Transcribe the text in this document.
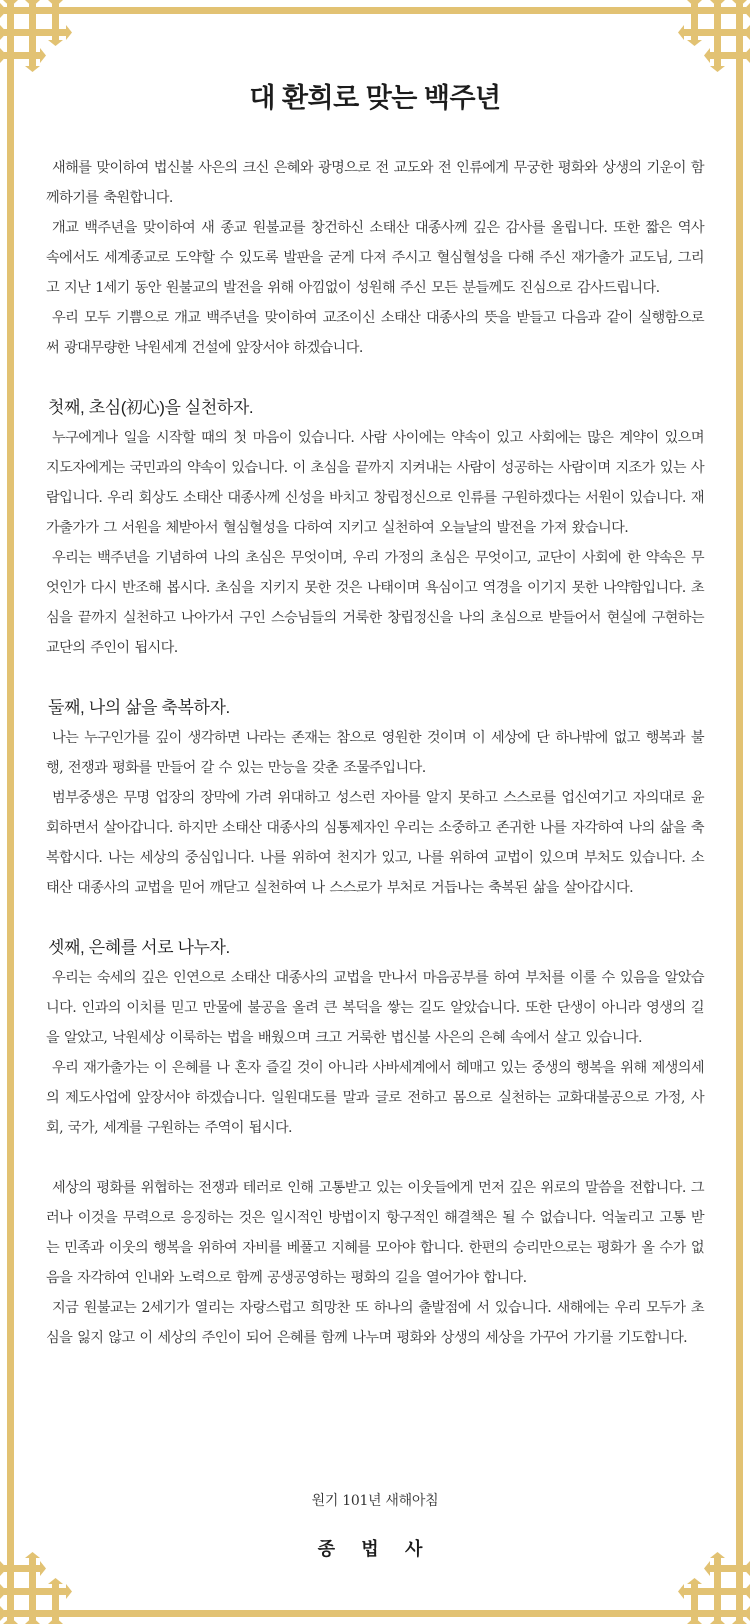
대 환희로 맞는 백주년

새해를 맞이하여 법신불 사은의 크신 은혜와 광명으로 전 교도와 전 인류에게 무궁한 평화와 상생의 기운이 함께하기를 축원합니다.

개교 백주년을 맞이하여 새 종교 원불교를 창건하신 소태산 대종사께 깊은 감사를 올립니다. 또한 짧은 역사 속에서도 세계종교로 도약할 수 있도록 발판을 굳게 다져 주시고 혈심혈성을 다해 주신 재가출가 교도님, 그리고 지난 1세기 동안 원불교의 발전을 위해 아낌없이 성원해 주신 모든 분들께도 진심으로 감사드립니다.

우리 모두 기쁨으로 개교 백주년을 맞이하여 교조이신 소태산 대종사의 뜻을 받들고 다음과 같이 실행함으로써 광대무량한 낙원세계 건설에 앞장서야 하겠습니다.

첫째, 초심(初心)을 실천하자.

누구에게나 일을 시작할 때의 첫 마음이 있습니다. 사람 사이에는 약속이 있고 사회에는 많은 계약이 있으며 지도자에게는 국민과의 약속이 있습니다. 이 초심을 끝까지 지켜내는 사람이 성공하는 사람이며 지조가 있는 사람입니다. 우리 회상도 소태산 대종사께 신성을 바치고 창립정신으로 인류를 구원하겠다는 서원이 있습니다. 재가출가가 그 서원을 체받아서 혈심혈성을 다하여 지키고 실천하여 오늘날의 발전을 가져 왔습니다.

우리는 백주년을 기념하여 나의 초심은 무엇이며, 우리 가정의 초심은 무엇이고, 교단이 사회에 한 약속은 무엇인가 다시 반조해 봅시다. 초심을 지키지 못한 것은 나태이며 욕심이고 역경을 이기지 못한 나약함입니다. 초심을 끝까지 실천하고 나아가서 구인 스승님들의 거룩한 창립정신을 나의 초심으로 받들어서 현실에 구현하는 교단의 주인이 됩시다.

둘째, 나의 삶을 축복하자.

나는 누구인가를 깊이 생각하면 나라는 존재는 참으로 영원한 것이며 이 세상에 단 하나밖에 없고 행복과 불행, 전쟁과 평화를 만들어 갈 수 있는 만능을 갖춘 조물주입니다.

범부중생은 무명 업장의 장막에 가려 위대하고 성스런 자아를 알지 못하고 스스로를 업신여기고 자의대로 윤회하면서 살아갑니다. 하지만 소태산 대종사의 심통제자인 우리는 소중하고 존귀한 나를 자각하여 나의 삶을 축복합시다. 나는 세상의 중심입니다. 나를 위하여 천지가 있고, 나를 위하여 교법이 있으며 부처도 있습니다. 소태산 대종사의 교법을 믿어 깨닫고 실천하여 나 스스로가 부처로 거듭나는 축복된 삶을 살아갑시다.

셋째, 은혜를 서로 나누자.

우리는 숙세의 깊은 인연으로 소태산 대종사의 교법을 만나서 마음공부를 하여 부처를 이룰 수 있음을 알았습니다. 인과의 이치를 믿고 만물에 불공을 올려 큰 복덕을 쌓는 길도 알았습니다. 또한 단생이 아니라 영생의 길을 알았고, 낙원세상 이룩하는 법을 배웠으며 크고 거룩한 법신불 사은의 은혜 속에서 살고 있습니다.

우리 재가출가는 이 은혜를 나 혼자 즐길 것이 아니라 사바세계에서 헤매고 있는 중생의 행복을 위해 제생의세의 제도사업에 앞장서야 하겠습니다. 일원대도를 말과 글로 전하고 몸으로 실천하는 교화대불공으로 가정, 사회, 국가, 세계를 구원하는 주역이 됩시다.

세상의 평화를 위협하는 전쟁과 테러로 인해 고통받고 있는 이웃들에게 먼저 깊은 위로의 말씀을 전합니다. 그러나 이것을 무력으로 응징하는 것은 일시적인 방법이지 항구적인 해결책은 될 수 없습니다. 억눌리고 고통 받는 민족과 이웃의 행복을 위하여 자비를 베풀고 지혜를 모아야 합니다. 한편의 승리만으로는 평화가 올 수가 없음을 자각하여 인내와 노력으로 함께 공생공영하는 평화의 길을 열어가야 합니다.

지금 원불교는 2세기가 열리는 자랑스럽고 희망찬 또 하나의 출발점에 서 있습니다. 새해에는 우리 모두가 초심을 잃지 않고 이 세상의 주인이 되어 은혜를 함께 나누며 평화와 상생의 세상을 가꾸어 가기를 기도합니다.

원기 101년 새해아침
종 법 사
